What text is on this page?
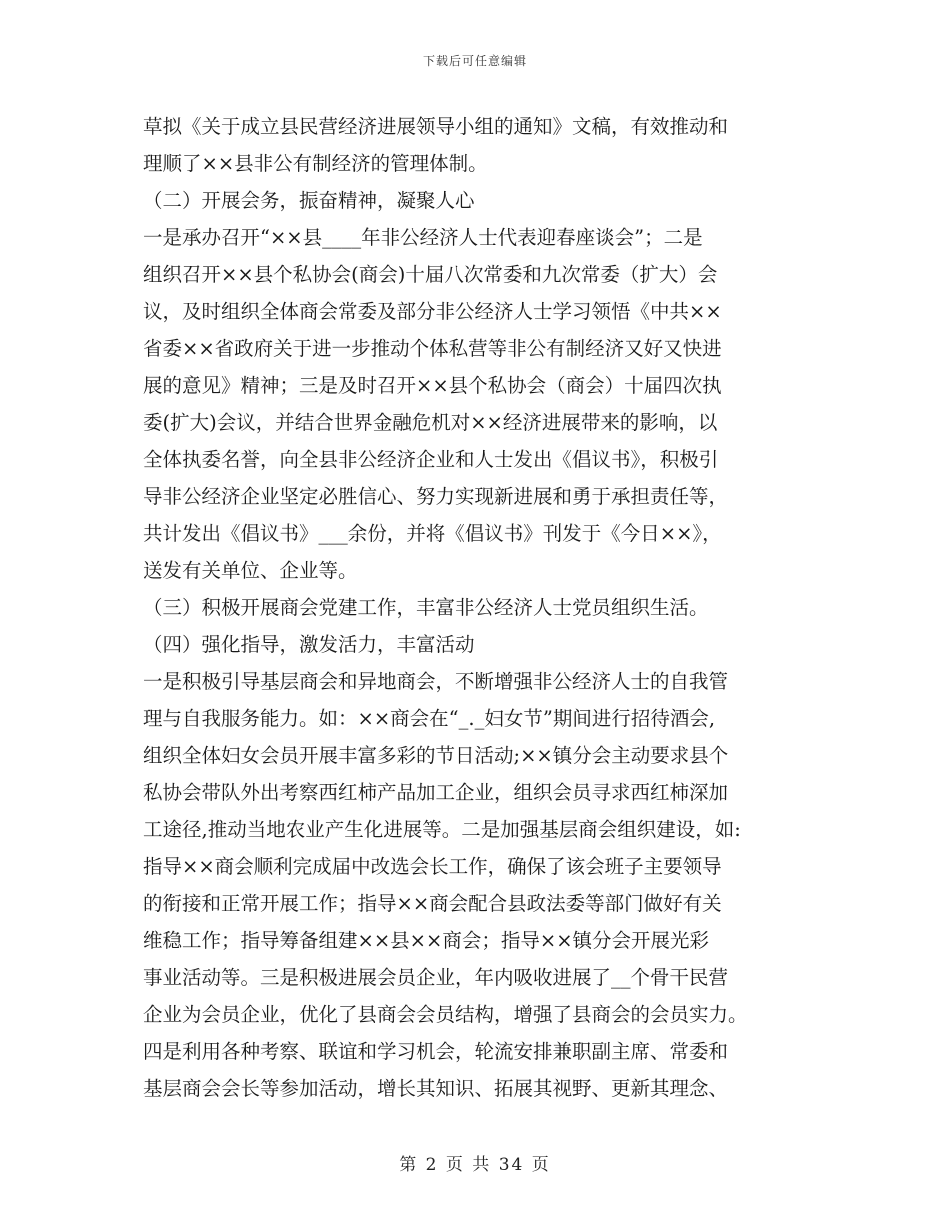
下载后可任意编辑
草拟《关于成立县民营经济进展领导小组的通知》文稿，有效推动和
理顺了××县非公有制经济的管理体制。
（二）开展会务，振奋精神，凝聚人心
一是承办召开“××县____年非公经济人士代表迎春座谈会”；二是
组织召开××县个私协会(商会)十届八次常委和九次常委（扩大）会
议，及时组织全体商会常委及部分非公经济人士学习领悟《中共××
省委××省政府关于进一步推动个体私营等非公有制经济又好又快进
展的意见》精神；三是及时召开××县个私协会（商会）十届四次执
委(扩大)会议，并结合世界金融危机对××经济进展带来的影响，以
全体执委名誉，向全县非公经济企业和人士发出《倡议书》，积极引
导非公经济企业坚定必胜信心、努力实现新进展和勇于承担责任等，
共计发出《倡议书》___余份，并将《倡议书》刊发于《今日××》，
送发有关单位、企业等。
（三）积极开展商会党建工作，丰富非公经济人士党员组织生活。
（四）强化指导，激发活力，丰富活动
一是积极引导基层商会和异地商会，不断增强非公经济人士的自我管
理与自我服务能力。如：××商会在“_._妇女节”期间进行招待酒会,
组织全体妇女会员开展丰富多彩的节日活动;××镇分会主动要求县个
私协会带队外出考察西红柿产品加工企业，组织会员寻求西红柿深加
工途径,推动当地农业产生化进展等。二是加强基层商会组织建设，如:
指导××商会顺利完成届中改选会长工作，确保了该会班子主要领导
的衔接和正常开展工作；指导××商会配合县政法委等部门做好有关
维稳工作；指导筹备组建××县××商会；指导××镇分会开展光彩
事业活动等。三是积极进展会员企业，年内吸收进展了__个骨干民营
企业为会员企业，优化了县商会会员结构，增强了县商会的会员实力。
四是利用各种考察、联谊和学习机会，轮流安排兼职副主席、常委和
基层商会会长等参加活动，增长其知识、拓展其视野、更新其理念、
第 2 页 共 34 页
